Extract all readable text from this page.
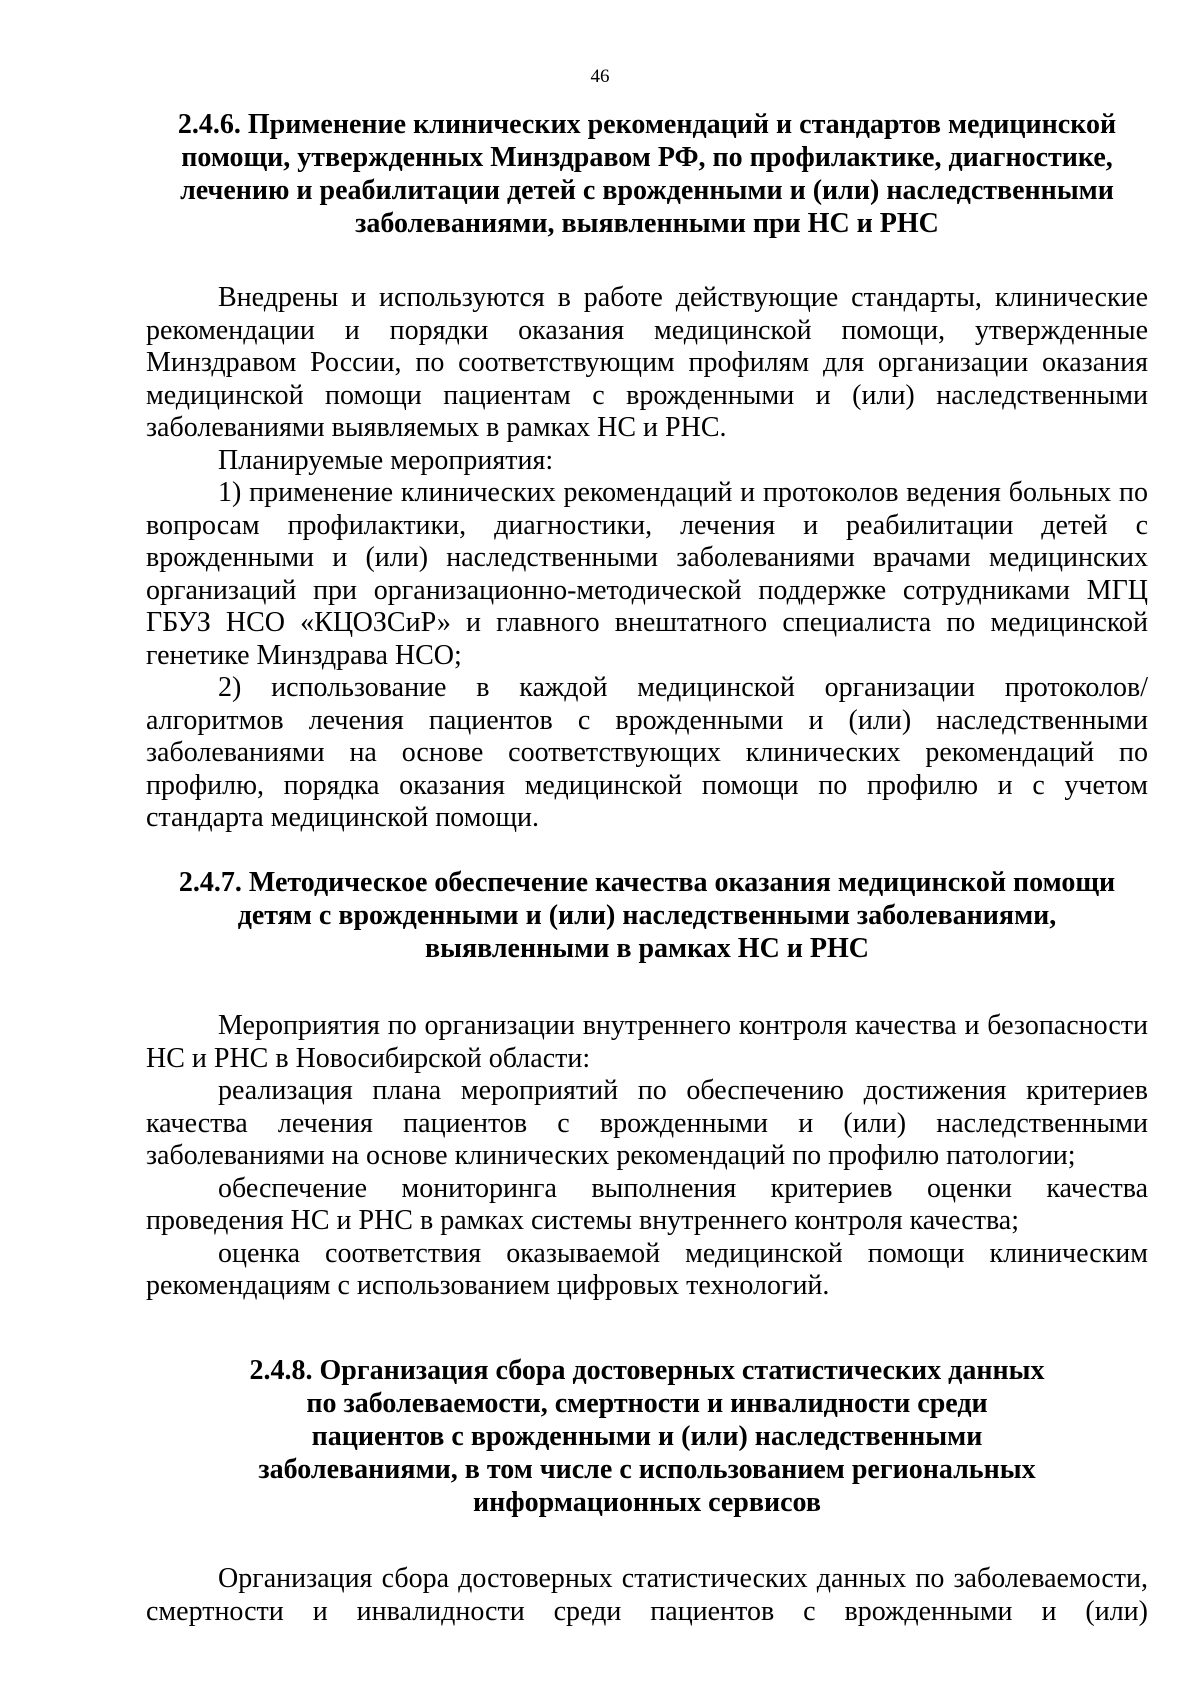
46
2.4.6. Применение клинических рекомендаций и стандартов медицинской помощи, утвержденных Минздравом РФ, по профилактике, диагностике, лечению и реабилитации детей с врожденными и (или) наследственными заболеваниями, выявленными при НС и РНС

Внедрены и используются в работе действующие стандарты, клинические рекомендации и порядки оказания медицинской помощи, утвержденные Минздравом России, по соответствующим профилям для организации оказания медицинской помощи пациентам с врожденными и (или) наследственными заболеваниями выявляемых в рамках НС и РНС.

Планируемые мероприятия:

1) применение клинических рекомендаций и протоколов ведения больных по вопросам профилактики, диагностики, лечения и реабилитации детей с врожденными и (или) наследственными заболеваниями врачами медицинских организаций при организационно-методической поддержке сотрудниками МГЦ ГБУЗ НСО «КЦОЗСиР» и главного внештатного специалиста по медицинской генетике Минздрава НСО;

2) использование в каждой медицинской организации протоколов/алгоритмов лечения пациентов с врожденными и (или) наследственными заболеваниями на основе соответствующих клинических рекомендаций по профилю, порядка оказания медицинской помощи по профилю и с учетом стандарта медицинской помощи.

2.4.7. Методическое обеспечение качества оказания медицинской помощи детям с врожденными и (или) наследственными заболеваниями, выявленными в рамках НС и РНС

Мероприятия по организации внутреннего контроля качества и безопасности НС и РНС в Новосибирской области:

реализация плана мероприятий по обеспечению достижения критериев качества лечения пациентов с врожденными и (или) наследственными заболеваниями на основе клинических рекомендаций по профилю патологии;

обеспечение мониторинга выполнения критериев оценки качества проведения НС и РНС в рамках системы внутреннего контроля качества;

оценка соответствия оказываемой медицинской помощи клиническим рекомендациям с использованием цифровых технологий.

2.4.8. Организация сбора достоверных статистических данных по заболеваемости, смертности и инвалидности среди пациентов с врожденными и (или) наследственными заболеваниями, в том числе с использованием региональных информационных сервисов

Организация сбора достоверных статистических данных по заболеваемости, смертности и инвалидности среди пациентов с врожденными и (или)
